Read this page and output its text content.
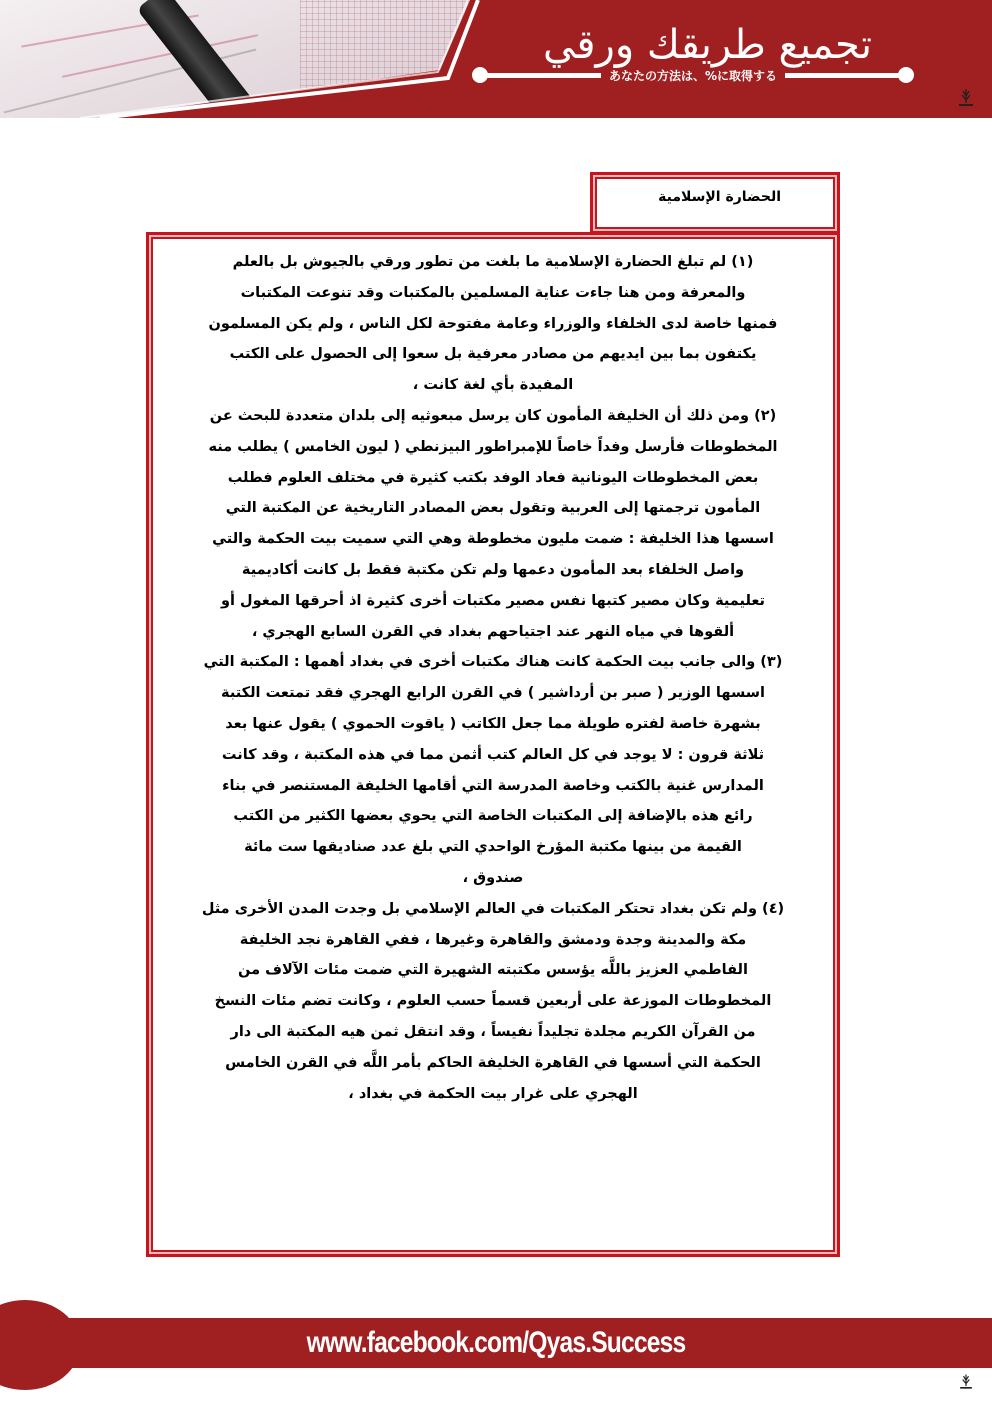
تجميع طريقك ورقي
あなたの方法は、%に取得する
الحضارة الإسلامية
(١) لم تبلغ الحضارة الإسلامية ما بلغت من تطور ورقي بالجيوش بل بالعلم
والمعرفة ومن هنا جاءت عناية المسلمين بالمكتبات وقد تنوعت المكتبات
فمنها خاصة لدى الخلفاء والوزراء وعامة مفتوحة لكل الناس ، ولم يكن المسلمون
يكتفون بما بين ايديهم من مصادر معرفية بل سعوا إلى الحصول على الكتب
المفيدة بأي لغة كانت ،
(٢) ومن ذلك أن الخليفة المأمون كان يرسل مبعوثيه إلى بلدان متعددة للبحث عن
المخطوطات فأرسل وفداً خاصاً للإمبراطور البيزنطي ( ليون الخامس ) يطلب منه
بعض المخطوطات اليونانية فعاد الوفد بكتب كثيرة في مختلف العلوم فطلب
المأمون ترجمتها إلى العربية وتقول بعض المصادر التاريخية عن المكتبة التي
اسسها هذا الخليفة : ضمت مليون مخطوطة وهي التي سميت بيت الحكمة والتي
واصل الخلفاء بعد المأمون دعمها ولم تكن مكتبة فقط بل كانت أكاديمية
تعليمية وكان مصير كتبها نفس مصير مكتبات أخرى كثيرة اذ أحرقها المغول أو
ألقوها في مياه النهر عند اجتياحهم بغداد في القرن السابع الهجري ،
(٣) والى جانب بيت الحكمة كانت هناك مكتبات أخرى في بغداد أهمها : المكتبة التي
اسسها الوزير ( صبر بن أرداشير ) في القرن الرابع الهجري فقد تمتعت الكتبة
بشهرة خاصة لفتره طويلة مما جعل الكاتب ( ياقوت الحموي ) يقول عنها بعد
ثلاثة قرون : لا يوجد في كل العالم كتب أثمن مما في هذه المكتبة ، وقد كانت
المدارس غنية بالكتب وخاصة المدرسة التي أقامها الخليفة المستنصر في بناء
رائع هذه بالإضافة إلى المكتبات الخاصة التي يحوي بعضها الكثير من الكتب
القيمة من بينها مكتبة المؤرخ الواحدي التي بلغ عدد صناديقها ست مائة
صندوق ،
(٤) ولم تكن بغداد تحتكر المكتبات في العالم الإسلامي بل وجدت المدن الأخرى مثل
مكة والمدينة وجدة ودمشق والقاهرة وغيرها ، ففي القاهرة نجد الخليفة
الفاطمي العزيز باللَّه يؤسس مكتبته الشهيرة التي ضمت مئات الآلاف من
المخطوطات الموزعة على أربعين قسماً حسب العلوم ، وكانت تضم مئات النسخ
من القرآن الكريم مجلدة تجليداً نفيساً ، وقد انتقل ثمن هيه المكتبة الى دار
الحكمة التي أسسها في القاهرة الخليفة الحاكم بأمر اللَّه في القرن الخامس
الهجري على غرار بيت الحكمة في بغداد ،
www.facebook.com/Qyas.Success
